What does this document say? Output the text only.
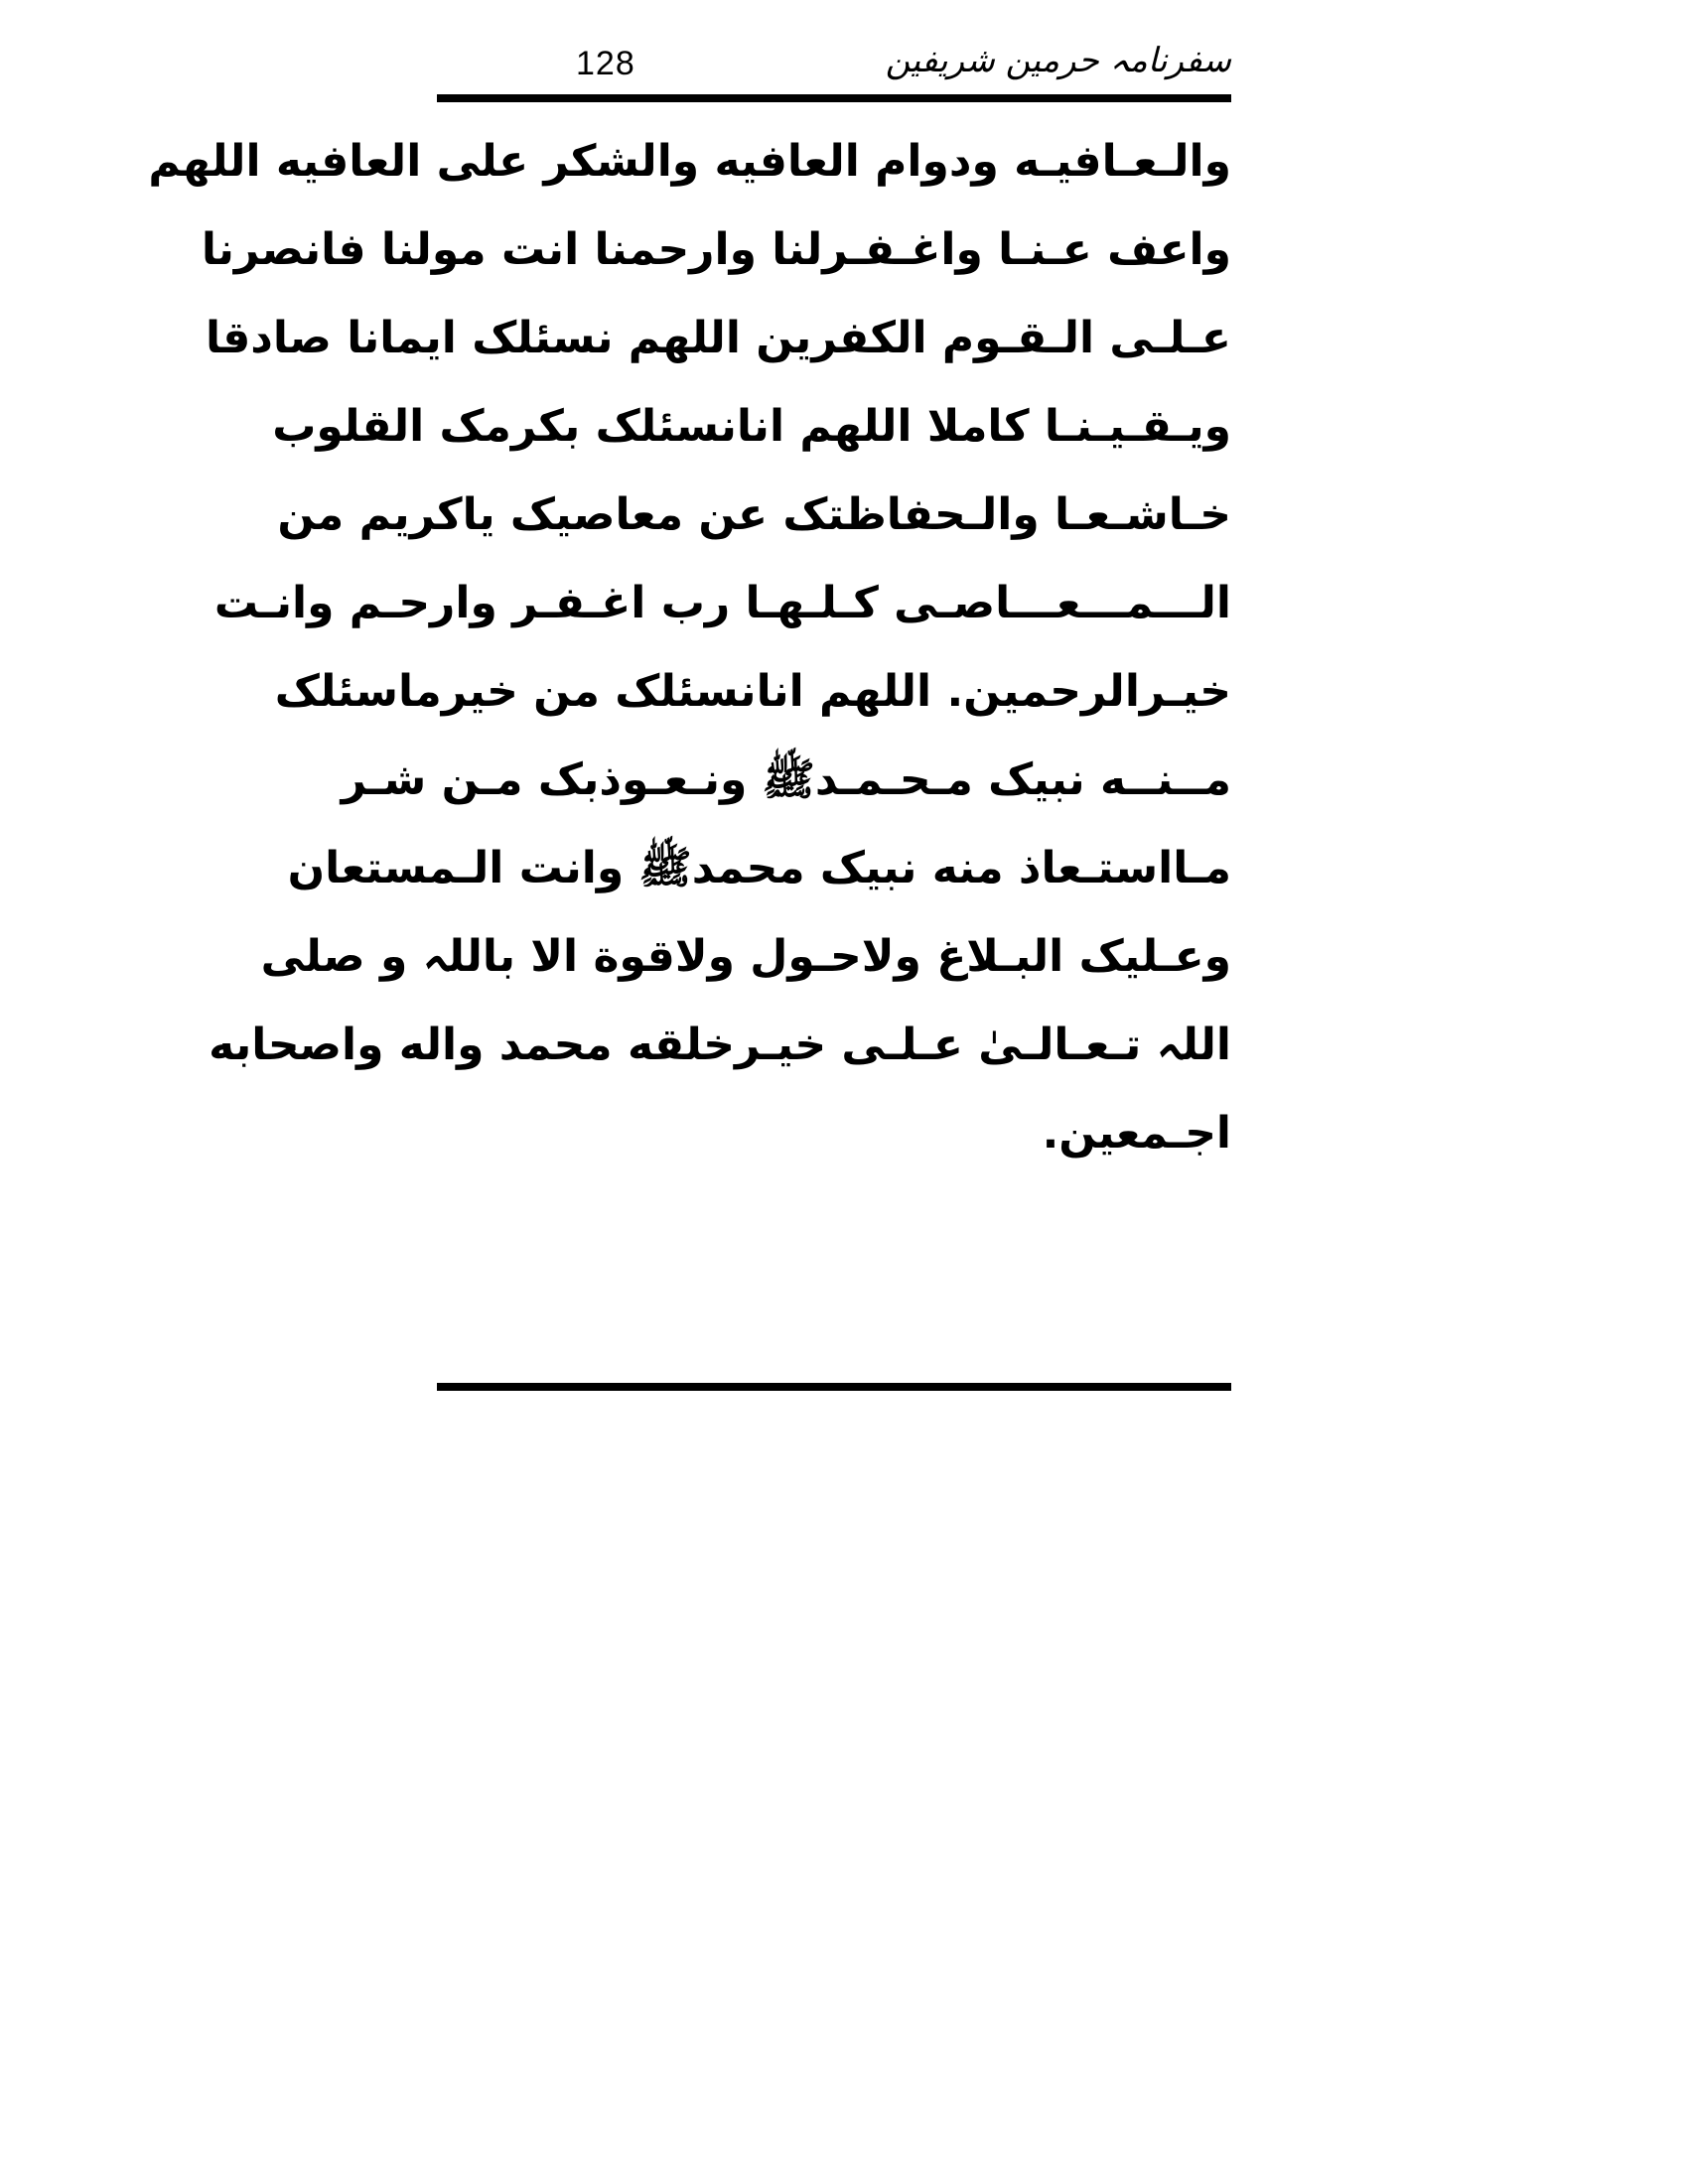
128	سفرنامہ حرمین شریفین
والـعـافيـه ودوام العافيه والشكر على العافيه اللهم
واعف عـنـا واغـفـرلنا وارحمنا انت مولنا فانصرنا
عـلـى الـقـوم الكفرين اللهم نسئلک ايمانا صادقا
ويـقـيـنـا كاملا اللهم انانسئلک بكرمک القلوب
خـاشـعـا والـحفاظتک عن معاصيک ياكريم من
الـــمـــعـــاصـى كـلـهـا رب اغـفـر وارحـم وانـت
خيـرالرحمين. اللهم انانسئلک من خيرماسئلک
مــنــه نبيک مـحـمـدﷺ ونـعـوذبک مـن شـر
مـااستـعاذ منه نبيک محمدﷺ وانت الـمستعان
وعـليک البـلاغ ولاحـول ولاقوة الا باللہ و صلى
اللہ تـعـالـىٰ عـلـى خيـرخلقه محمد واله واصحابه
اجـمعين.
